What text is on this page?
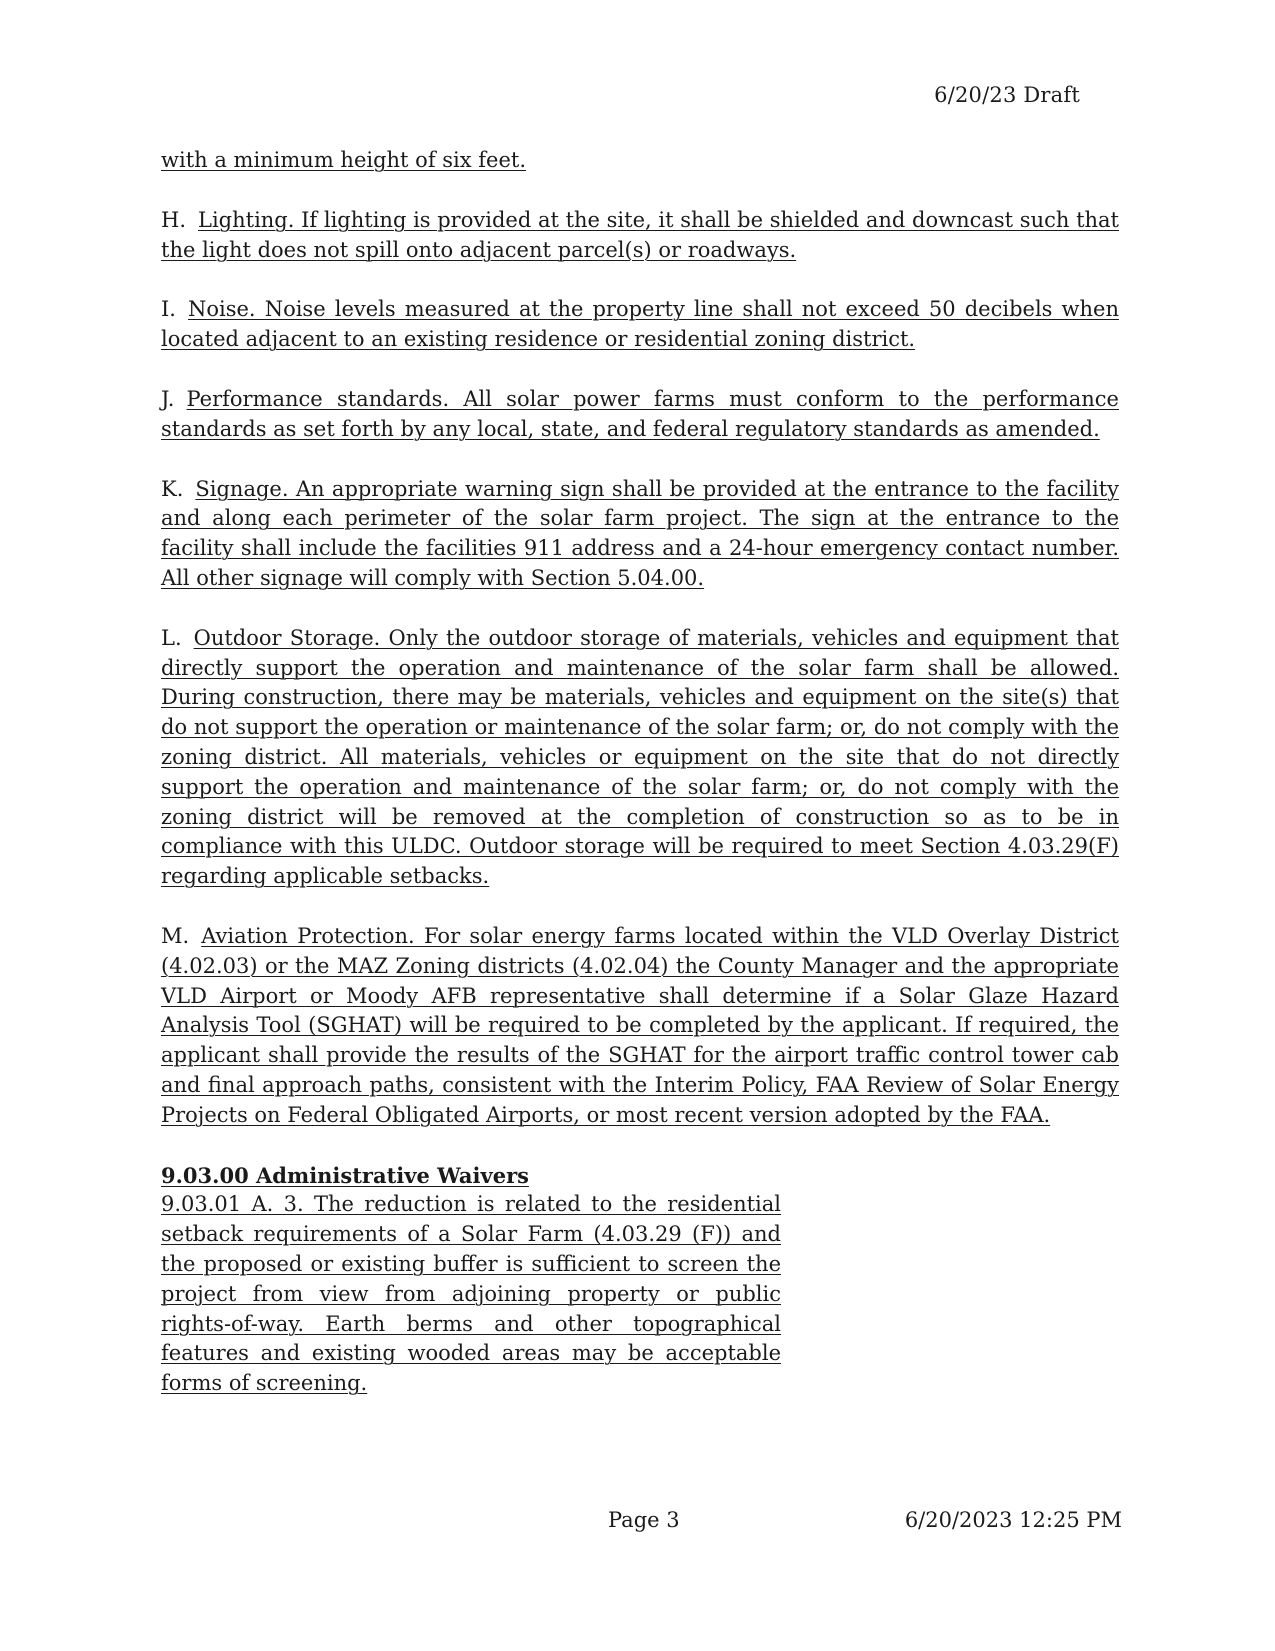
6/20/23 Draft

with a minimum height of six feet.

H. Lighting. If lighting is provided at the site, it shall be shielded and downcast such that the light does not spill onto adjacent parcel(s) or roadways.

I. Noise. Noise levels measured at the property line shall not exceed 50 decibels when located adjacent to an existing residence or residential zoning district.

J. Performance standards. All solar power farms must conform to the performance standards as set forth by any local, state, and federal regulatory standards as amended.

K. Signage. An appropriate warning sign shall be provided at the entrance to the facility and along each perimeter of the solar farm project. The sign at the entrance to the facility shall include the facilities 911 address and a 24-hour emergency contact number. All other signage will comply with Section 5.04.00.

L. Outdoor Storage. Only the outdoor storage of materials, vehicles and equipment that directly support the operation and maintenance of the solar farm shall be allowed. During construction, there may be materials, vehicles and equipment on the site(s) that do not support the operation or maintenance of the solar farm; or, do not comply with the zoning district. All materials, vehicles or equipment on the site that do not directly support the operation and maintenance of the solar farm; or, do not comply with the zoning district will be removed at the completion of construction so as to be in compliance with this ULDC. Outdoor storage will be required to meet Section 4.03.29(F) regarding applicable setbacks.

M. Aviation Protection. For solar energy farms located within the VLD Overlay District (4.02.03) or the MAZ Zoning districts (4.02.04) the County Manager and the appropriate VLD Airport or Moody AFB representative shall determine if a Solar Glaze Hazard Analysis Tool (SGHAT) will be required to be completed by the applicant. If required, the applicant shall provide the results of the SGHAT for the airport traffic control tower cab and final approach paths, consistent with the Interim Policy, FAA Review of Solar Energy Projects on Federal Obligated Airports, or most recent version adopted by the FAA.

9.03.00 Administrative Waivers

9.03.01 A. 3. The reduction is related to the residential setback requirements of a Solar Farm (4.03.29 (F)) and the proposed or existing buffer is sufficient to screen the project from view from adjoining property or public rights-of-way. Earth berms and other topographical features and existing wooded areas may be acceptable forms of screening.

Page 3	6/20/2023 12:25 PM
